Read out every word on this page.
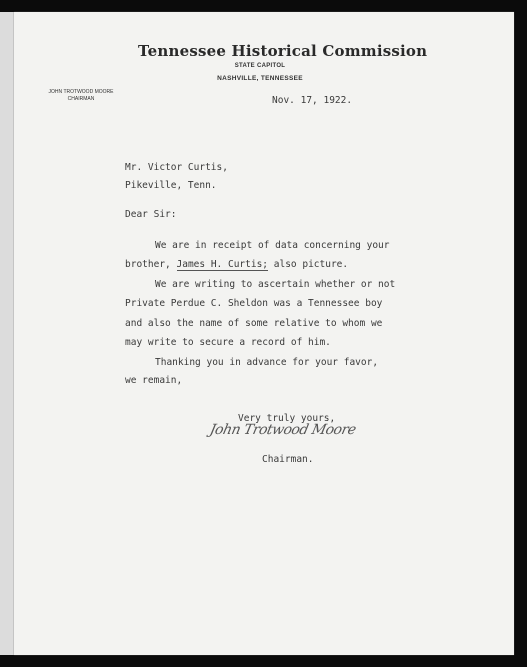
Tennessee Historical Commission
STATE CAPITOL
NASHVILLE, TENNESSEE
JOHN TROTWOOD MOORE
CHAIRMAN	Nov. 17, 1922.
Mr. Victor Curtis,
Pikeville, Tenn.
Dear Sir:
We are in receipt of data concerning your
brother, James H. Curtis; also picture.
We are writing to ascertain whether or not
Private Perdue C. Sheldon was a Tennessee boy
and also the name of some relative to whom we
may write to secure a record of him.
Thanking you in advance for your favor,
we remain,
Very truly yours,
John Trotwood Moore
Chairman.
